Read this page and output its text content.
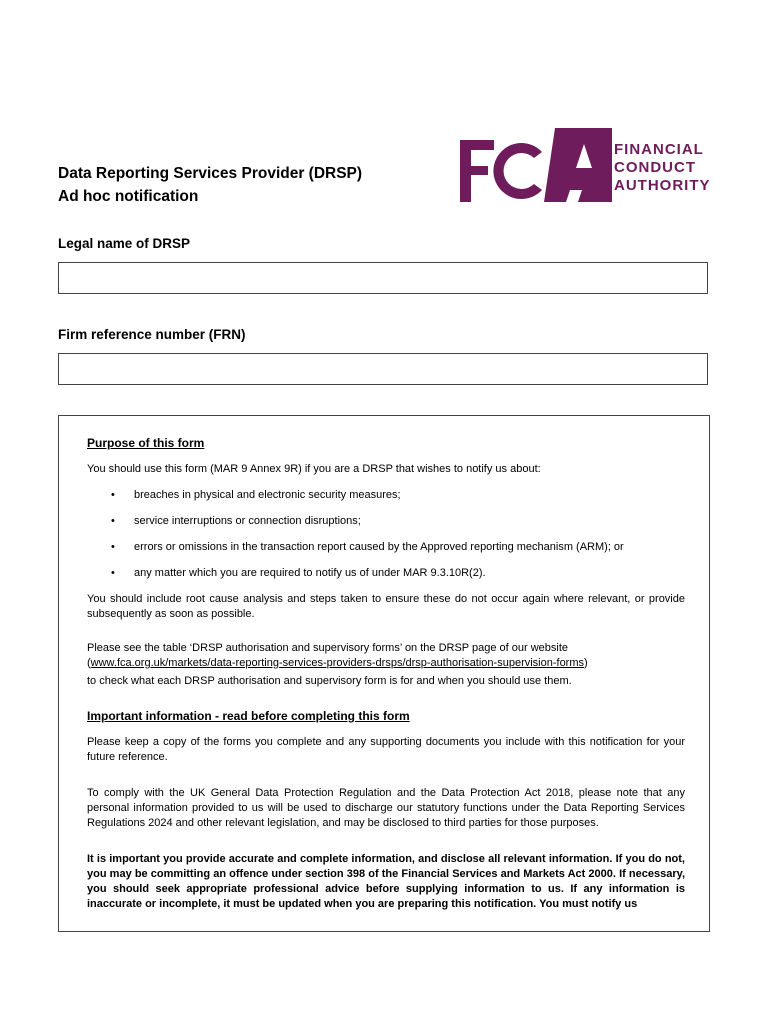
Data Reporting Services Provider (DRSP)
Ad hoc notification
FINANCIAL
CONDUCT
AUTHORITY
Legal name of DRSP
Firm reference number (FRN)
Purpose of this form

You should use this form (MAR 9 Annex 9R) if you are a DRSP that wishes to notify us about:

• breaches in physical and electronic security measures;
• service interruptions or connection disruptions;
• errors or omissions in the transaction report caused by the Approved reporting mechanism (ARM); or
• any matter which you are required to notify us of under MAR 9.3.10R(2).

You should include root cause analysis and steps taken to ensure these do not occur again where relevant, or provide subsequently as soon as possible.

Please see the table ‘DRSP authorisation and supervisory forms’ on the DRSP page of our website
(www.fca.org.uk/markets/data-reporting-services-providers-drsps/drsp-authorisation-supervision-forms)

to check what each DRSP authorisation and supervisory form is for and when you should use them.

Important information - read before completing this form

Please keep a copy of the forms you complete and any supporting documents you include with this notification for your future reference.

To comply with the UK General Data Protection Regulation and the Data Protection Act 2018, please note that any personal information provided to us will be used to discharge our statutory functions under the Data Reporting Services Regulations 2024 and other relevant legislation, and may be disclosed to third parties for those purposes.

It is important you provide accurate and complete information, and disclose all relevant information. If you do not, you may be committing an offence under section 398 of the Financial Services and Markets Act 2000. If necessary, you should seek appropriate professional advice before supplying information to us. If any information is inaccurate or incomplete, it must be updated when you are preparing this notification. You must notify us
